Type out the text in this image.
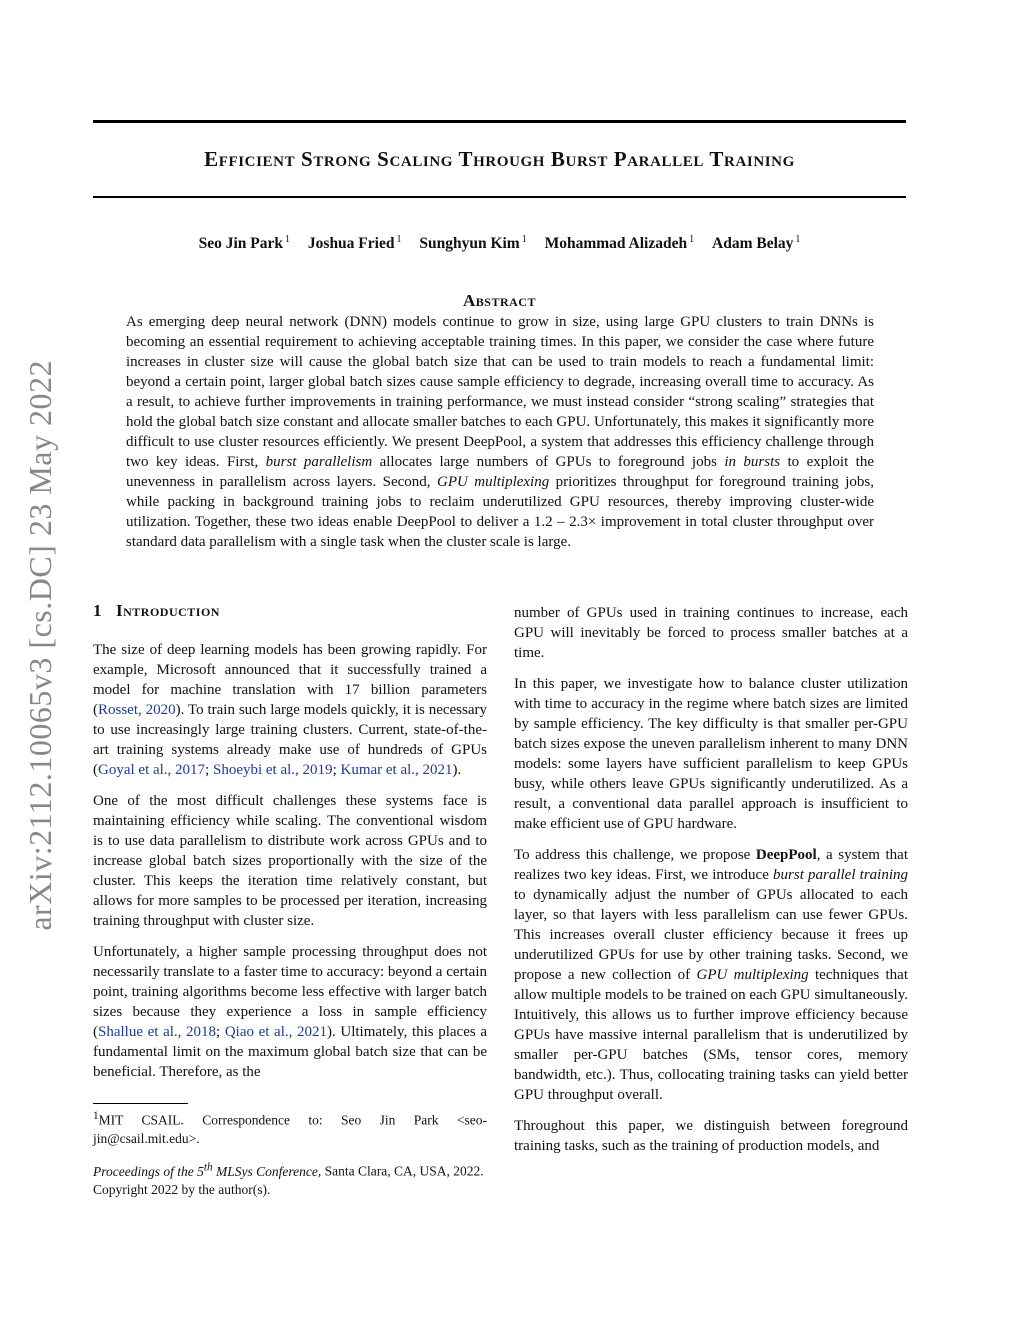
Efficient Strong Scaling Through Burst Parallel Training
Seo Jin Park $^1$ Joshua Fried $^1$ Sunghyun Kim $^1$ Mohammad Alizadeh $^1$ Adam Belay $^1$
Abstract
As emerging deep neural network (DNN) models continue to grow in size, using large GPU clusters to train DNNs is becoming an essential requirement to achieving acceptable training times. In this paper, we consider the case where future increases in cluster size will cause the global batch size that can be used to train models to reach a fundamental limit: beyond a certain point, larger global batch sizes cause sample efficiency to degrade, increasing overall time to accuracy. As a result, to achieve further improvements in training performance, we must instead consider “strong scaling” strategies that hold the global batch size constant and allocate smaller batches to each GPU. Unfortunately, this makes it significantly more difficult to use cluster resources efficiently. We present DeepPool, a system that addresses this efficiency challenge through two key ideas. First, burst parallelism allocates large numbers of GPUs to foreground jobs in bursts to exploit the unevenness in parallelism across layers. Second, GPU multiplexing prioritizes throughput for foreground training jobs, while packing in background training jobs to reclaim underutilized GPU resources, thereby improving cluster-wide utilization. Together, these two ideas enable DeepPool to deliver a 1.2 – 2.3× improvement in total cluster throughput over standard data parallelism with a single task when the cluster scale is large.
arXiv:2112.10065v3 [cs.DC] 23 May 2022 1 Introduction

The size of deep learning models has been growing rapidly. For example, Microsoft announced that it successfully trained a model for machine translation with 17 billion parameters (Rosset, 2020). To train such large models quickly, it is necessary to use increasingly large training clusters. Current, state-of-the-art training systems already make use of hundreds of GPUs (Goyal et al., 2017; Shoeybi et al., 2019; Kumar et al., 2021).

One of the most difficult challenges these systems face is maintaining efficiency while scaling. The conventional wisdom is to use data parallelism to distribute work across GPUs and to increase global batch sizes proportionally with the size of the cluster. This keeps the iteration time relatively constant, but allows for more samples to be processed per iteration, increasing training throughput with cluster size.

Unfortunately, a higher sample processing throughput does not necessarily translate to a faster time to accuracy: beyond a certain point, training algorithms become less effective with larger batch sizes because they experience a loss in sample efficiency (Shallue et al., 2018; Qiao et al., 2021). Ultimately, this places a fundamental limit on the maximum global batch size that can be beneficial. Therefore, as the

$^1$MIT CSAIL. Correspondence to: Seo Jin Park <seo-jin@csail.mit.edu>.
Proceedings of the 5th MLSys Conference, Santa Clara, CA, USA, 2022. Copyright 2022 by the author(s).

number of GPUs used in training continues to increase, each GPU will inevitably be forced to process smaller batches at a time.

In this paper, we investigate how to balance cluster utilization with time to accuracy in the regime where batch sizes are limited by sample efficiency. The key difficulty is that smaller per-GPU batch sizes expose the uneven parallelism inherent to many DNN models: some layers have sufficient parallelism to keep GPUs busy, while others leave GPUs significantly underutilized. As a result, a conventional data parallel approach is insufficient to make efficient use of GPU hardware.

To address this challenge, we propose DeepPool, a system that realizes two key ideas. First, we introduce burst parallel training to dynamically adjust the number of GPUs allocated to each layer, so that layers with less parallelism can use fewer GPUs. This increases overall cluster efficiency because it frees up underutilized GPUs for use by other training tasks. Second, we propose a new collection of GPU multiplexing techniques that allow multiple models to be trained on each GPU simultaneously. Intuitively, this allows us to further improve efficiency because GPUs have massive internal parallelism that is underutilized by smaller per-GPU batches (SMs, tensor cores, memory bandwidth, etc.). Thus, collocating training tasks can yield better GPU throughput overall.

Throughout this paper, we distinguish between foreground training tasks, such as the training of production models, and
